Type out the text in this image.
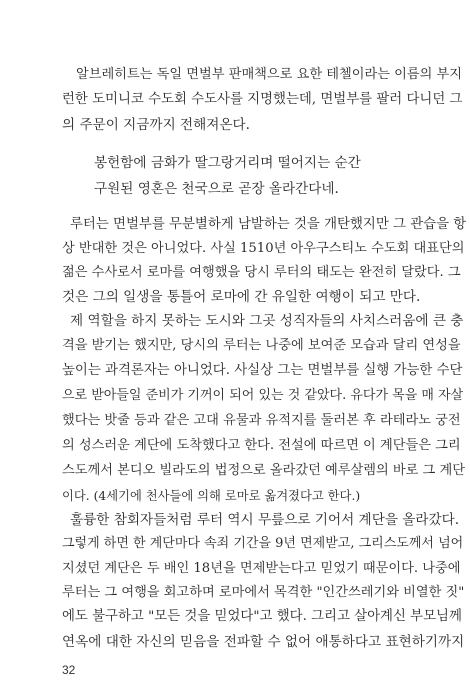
알브레히트는 독일 면벌부 판매책으로 요한 테첼이라는 이름의 부지
런한 도미니코 수도회 수도사를 지명했는데, 면벌부를 팔러 다니던 그
의 주문이 지금까지 전해져온다.
봉헌함에 금화가 딸그랑거리며 떨어지는 순간
구원된 영혼은 천국으로 곧장 올라간다네.
루터는 면벌부를 무분별하게 남발하는 것을 개탄했지만 그 관습을 항
상 반대한 것은 아니었다. 사실 1510년 아우구스티노 수도회 대표단의
젊은 수사로서 로마를 여행했을 당시 루터의 태도는 완전히 달랐다. 그
것은 그의 일생을 통틀어 로마에 간 유일한 여행이 되고 만다.
제 역할을 하지 못하는 도시와 그곳 성직자들의 사치스러움에 큰 충
격을 받기는 했지만, 당시의 루터는 나중에 보여준 모습과 달리 연성을
높이는 과격론자는 아니었다. 사실상 그는 면벌부를 실행 가능한 수단
으로 받아들일 준비가 기꺼이 되어 있는 것 같았다. 유다가 목을 매 자살
했다는 밧줄 등과 같은 고대 유물과 유적지를 둘러본 후 라테라노 궁전
의 성스러운 계단에 도착했다고 한다. 전설에 따르면 이 계단들은 그리
스도께서 본디오 빌라도의 법정으로 올라갔던 예루살렘의 바로 그 계단
이다. (4세기에 천사들에 의해 로마로 옮겨졌다고 한다.)
훌륭한 참회자들처럼 루터 역시 무릎으로 기어서 계단을 올라갔다.
그렇게 하면 한 계단마다 속죄 기간을 9년 면제받고, 그리스도께서 넘어
지셨던 계단은 두 배인 18년을 면제받는다고 믿었기 때문이다. 나중에
루터는 그 여행을 회고하며 로마에서 목격한 "인간쓰레기와 비열한 짓"
에도 불구하고 "모든 것을 믿었다"고 했다. 그리고 살아계신 부모님께
연옥에 대한 자신의 믿음을 전파할 수 없어 애통하다고 표현하기까지
32
